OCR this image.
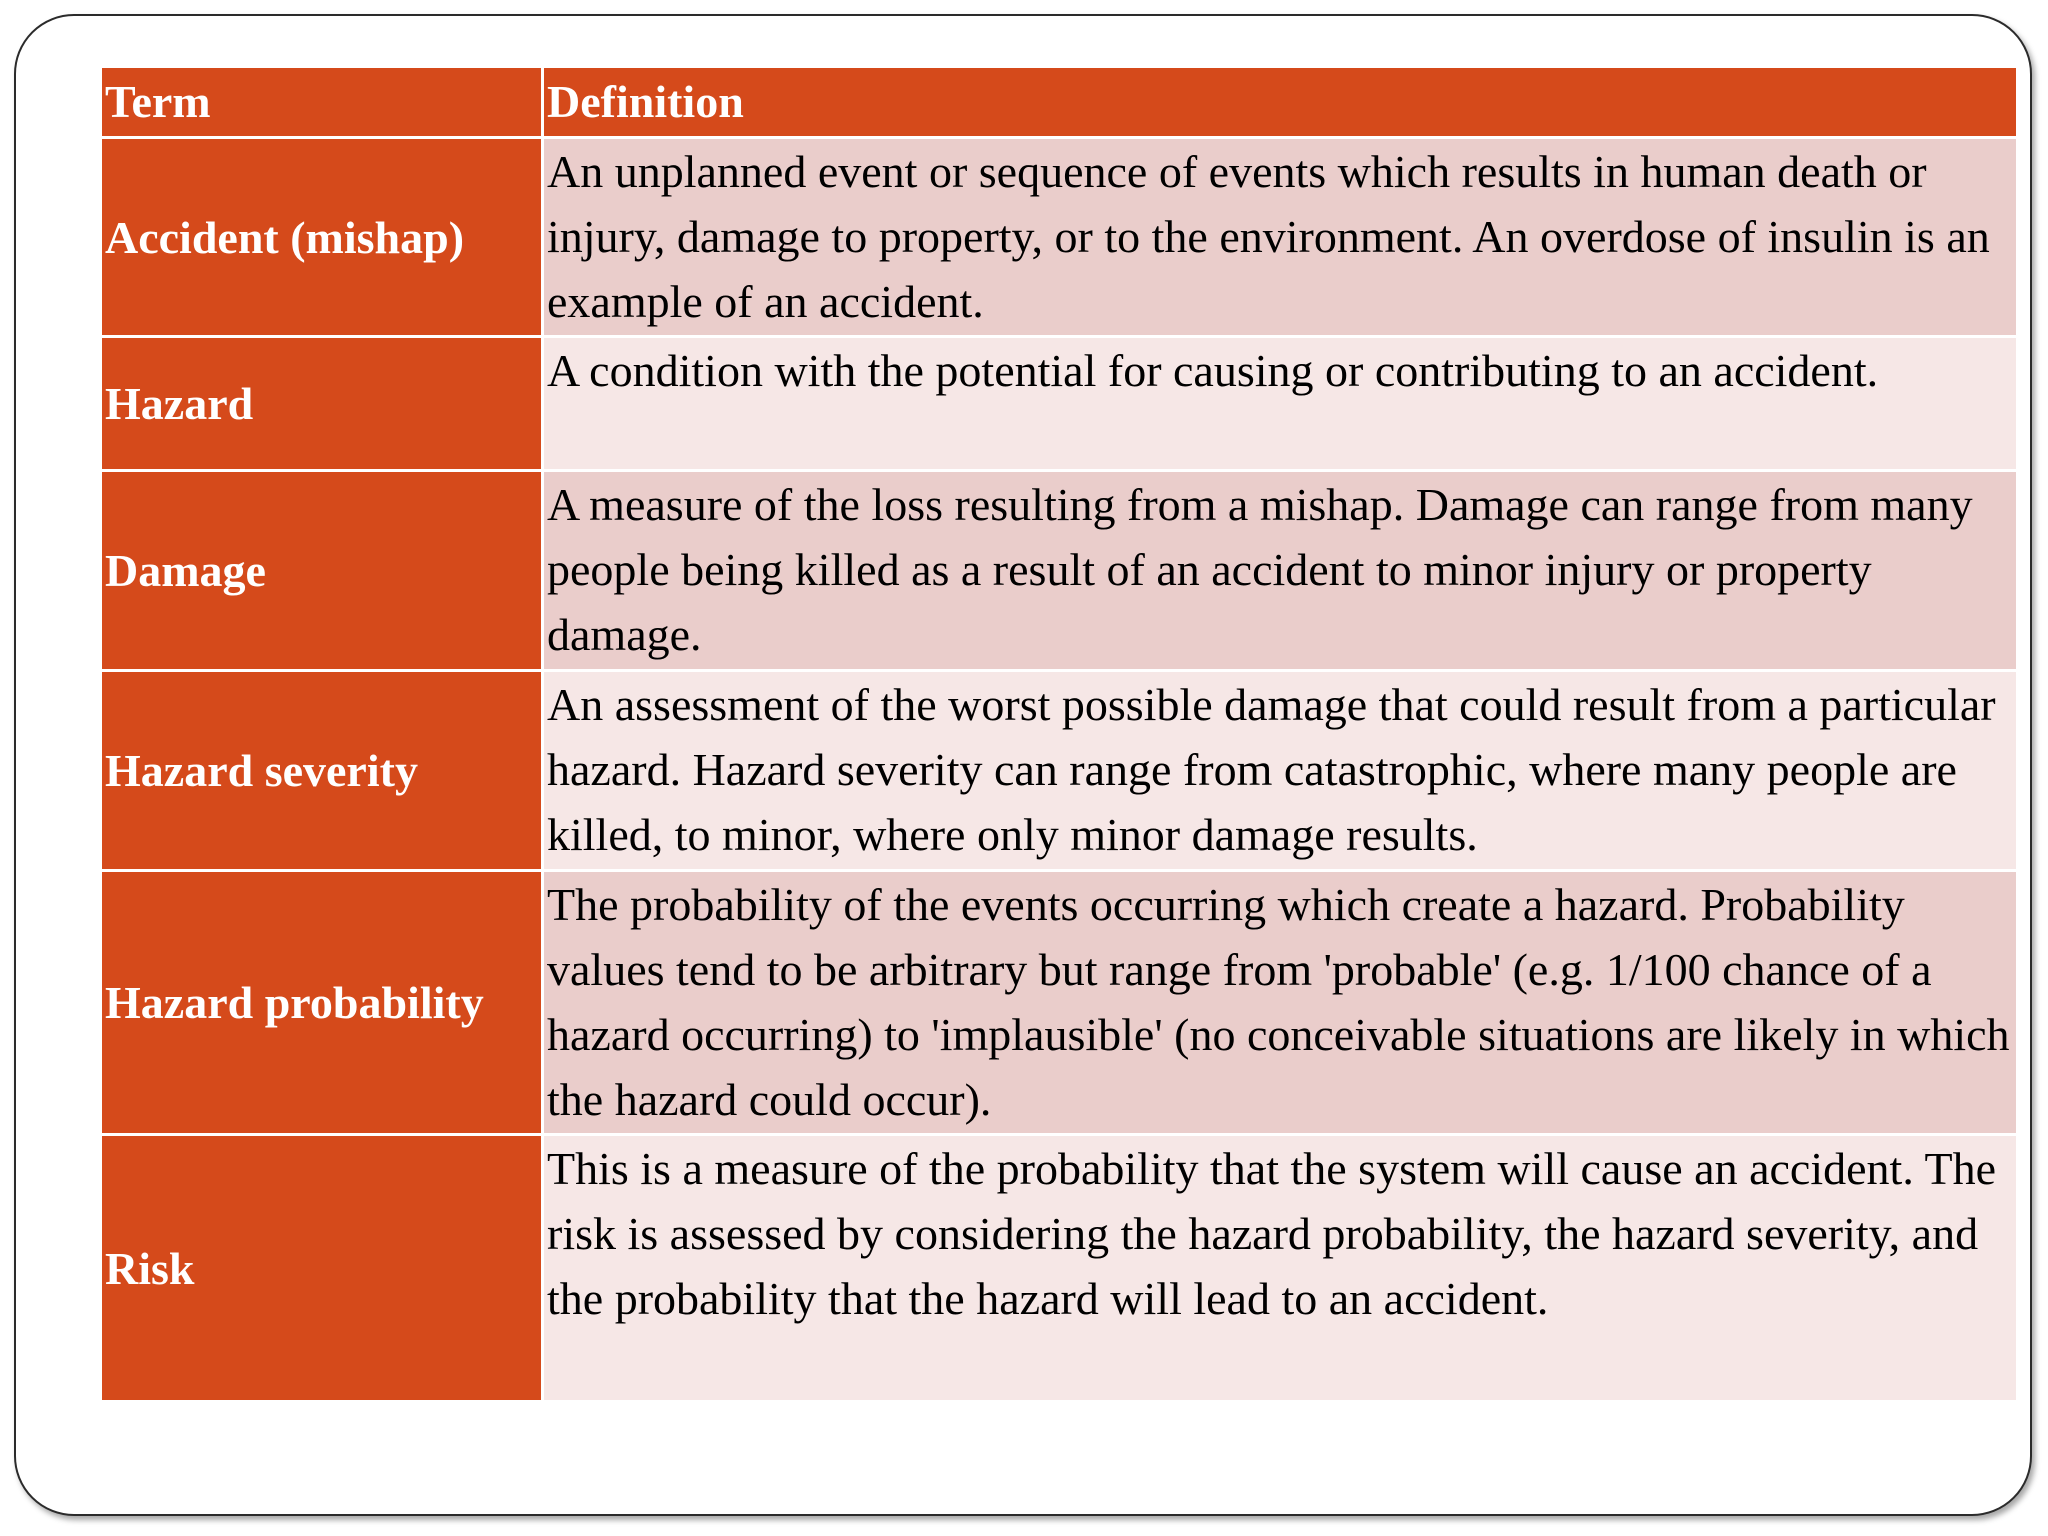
Term	Definition
Accident (mishap)	An unplanned event or sequence of events which results in human death or injury, damage to property, or to the environment. An overdose of insulin is an example of an accident.
Hazard	A condition with the potential for causing or contributing to an accident.
Damage	A measure of the loss resulting from a mishap. Damage can range from many people being killed as a result of an accident to minor injury or property damage.
Hazard severity	An assessment of the worst possible damage that could result from a particular hazard. Hazard severity can range from catastrophic, where many people are killed, to minor, where only minor damage results.
Hazard probability	The probability of the events occurring which create a hazard. Probability values tend to be arbitrary but range from 'probable' (e.g. 1/100 chance of a hazard occurring) to 'implausible' (no conceivable situations are likely in which the hazard could occur).
Risk	This is a measure of the probability that the system will cause an accident. The risk is assessed by considering the hazard probability, the hazard severity, and the probability that the hazard will lead to an accident.
